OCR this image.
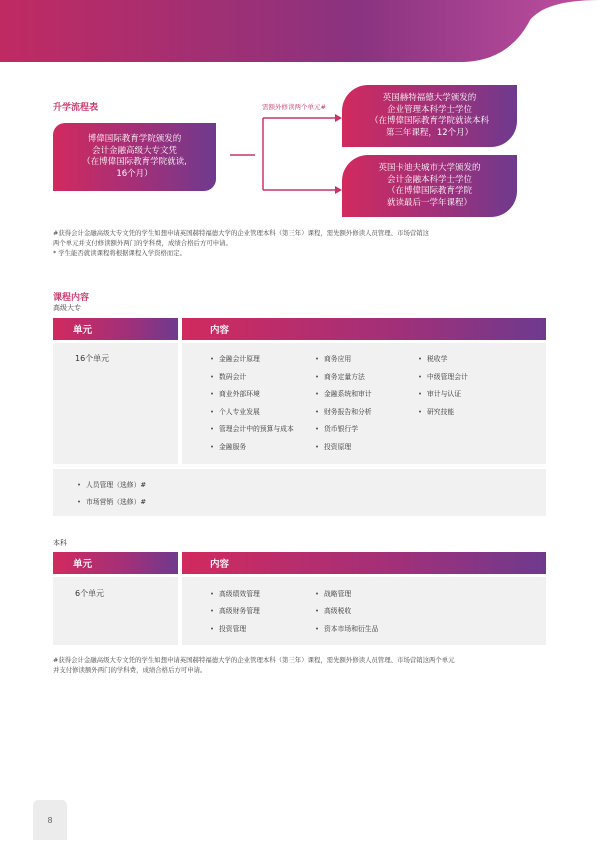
升学流程表
博偉国际教育学院颁发的
会计金融高级大专文凭
（在博偉国际教育学院就读,
16个月）
需额外修读两个单元#
英国赫特福德大学颁发的
企业管理本科学士学位
（在博偉国际教育学院就读本科
第三年课程，12个月）
英国卡迪夫城市大学颁发的
会计金融本科学士学位
（在博偉国际教育学院
就读最后一学年课程）
#获得会计金融高级大专文凭的学生如想申请英国赫特福德大学的企业管理本科（第三年）课程，需先额外修读人员管理、市场营销这
两个单元并支付修读额外两门的学科费，成绩合格后方可申请。
* 学生能否就读课程将根据课程入学资格而定。
课程内容
高级大专
单元	内容
16个单元	• 金融会计原理
• 数码会计
• 商业外部环境
• 个人专业发展
• 管理会计中的预算与成本
• 金融服务
• 商务应用
• 商务定量方法
• 金融系统和审计
• 财务报告和分析
• 货币银行学
• 投资原理
• 税收学
• 中级管理会计
• 审计与认证
• 研究技能
• 人员管理（选修）#
• 市场营销（选修）#
本科
单元	内容
6个单元	• 高级绩效管理
• 高级财务管理
• 投资管理
• 战略管理
• 高级税收
• 资本市场和衍生品
#获得会计金融高级大专文凭的学生如想申请英国赫特福德大学的企业管理本科（第三年）课程，需先额外修读人员管理、市场营销这两个单元
并支付修读额外两门的学科费，成绩合格后方可申请。
8
